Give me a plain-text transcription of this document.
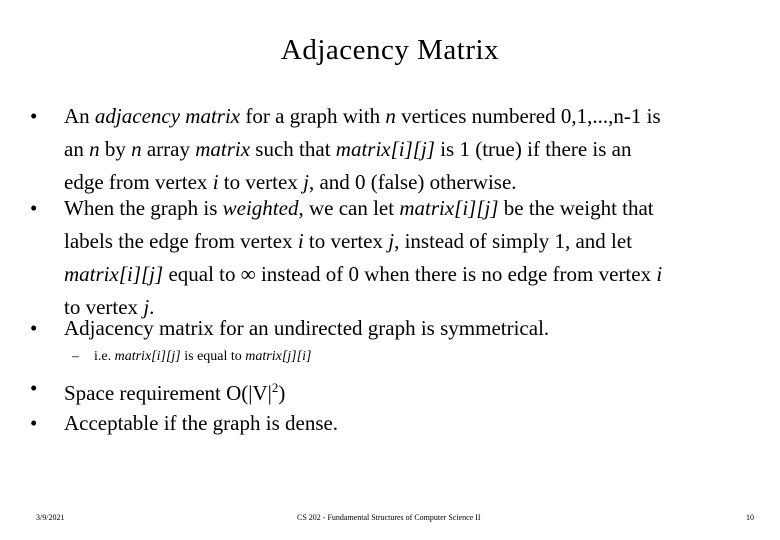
Adjacency Matrix
•	An adjacency matrix for a graph with n vertices numbered 0,1,...,n-1 is
an n by n array matrix such that matrix[i][j] is 1 (true) if there is an
edge from vertex i to vertex j, and 0 (false) otherwise.
•	When the graph is weighted, we can let matrix[i][j] be the weight that
labels the edge from vertex i to vertex j, instead of simply 1, and let
matrix[i][j] equal to ∞ instead of 0 when there is no edge from vertex i
to vertex j.
•	Adjacency matrix for an undirected graph is symmetrical.
– i.e. matrix[i][j] is equal to matrix[j][i]
•	Space requirement $O(|V|^2)$
•	Acceptable if the graph is dense.
3/9/2021	CS 202 - Fundamental Structures of Computer Science II	10
